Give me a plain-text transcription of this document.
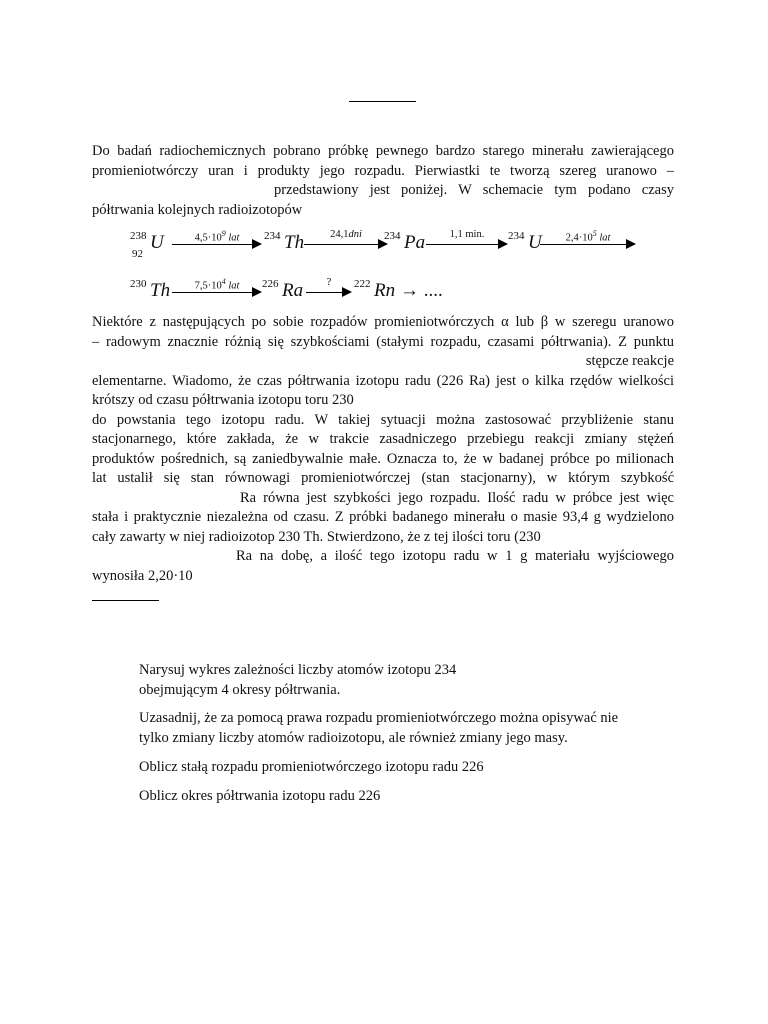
Do badań radiochemicznych pobrano próbkę pewnego bardzo starego minerału zawierającego
promieniotwórczy uran i produkty jego rozpadu. Pierwiastki te tworzą szereg uranowo –
przedstawiony jest poniżej. W schemacie tym podano czasy
półtrwania kolejnych radioizotopów
238
92
U	$4,5\cdot 10^9$ lat	234 Th	24,1dni	234 Pa	1,1 min.	234 U	$2,4\cdot 10^5$ lat
230 Th	$7,5\cdot 10^4$ lat	226 Ra	?	222 Rn → ....
Niektóre z następujących po sobie rozpadów promieniotwórczych α lub β w szeregu uranowo
– radowym znacznie różnią się szybkościami (stałymi rozpadu, czasami półtrwania). Z punktu
stępcze reakcje
elementarne. Wiadomo, że czas półtrwania izotopu radu (226 Ra) jest o kilka rzędów wielkości
krótszy od czasu półtrwania izotopu toru 230
do powstania tego izotopu radu. W takiej sytuacji można zastosować przybliżenie stanu
stacjonarnego, które zakłada, że w trakcie zasadniczego przebiegu reakcji zmiany stężeń
produktów pośrednich, są zaniedbywalnie małe. Oznacza to, że w badanej próbce po milionach
lat ustalił się stan równowagi promieniotwórczej (stan stacjonarny), w którym szybkość
Ra równa jest szybkości jego rozpadu. Ilość radu w próbce jest więc
stała i praktycznie niezależna od czasu. Z próbki badanego minerału o masie 93,4 g wydzielono
cały zawarty w niej radioizotop 230 Th. Stwierdzono, że z tej ilości toru (230
Ra na dobę, a ilość tego izotopu radu w 1 g materiału wyjściowego
wynosiła 2,20·10
Narysuj wykres zależności liczby atomów izotopu 234
obejmującym 4 okresy półtrwania.
Uzasadnij, że za pomocą prawa rozpadu promieniotwórczego można opisywać nie
tylko zmiany liczby atomów radioizotopu, ale również zmiany jego masy.
Oblicz stałą rozpadu promieniotwórczego izotopu radu 226
Oblicz okres półtrwania izotopu radu 226
